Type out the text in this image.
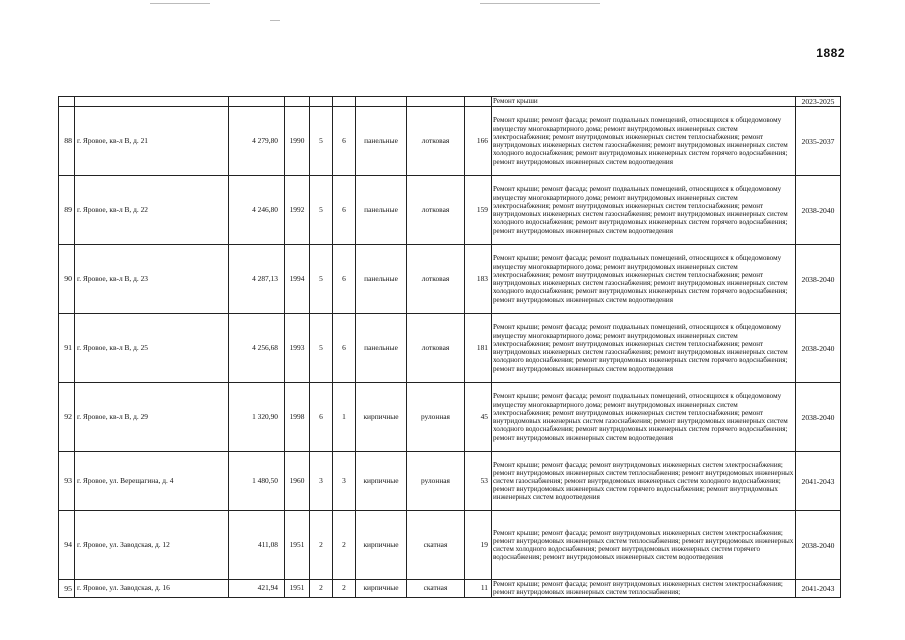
1882
									Ремонт крыши	2023-2025
88	г. Яровое, кв-л В, д. 21	4 279,80	1990	5	6	панельные	лотковая	166	Ремонт крыши; ремонт фасада; ремонт подвальных помещений, относящихся к общедомовому имуществу многоквартирного дома; ремонт внутридомовых инженерных систем электроснабжения; ремонт внутридомовых инженерных систем теплоснабжения; ремонт внутридомовых инженерных систем газоснабжения; ремонт внутридомовых инженерных систем холодного водоснабжения; ремонт внутридомовых инженерных систем горячего водоснабжения; ремонт внутридомовых инженерных систем водоотведения	2035-2037
89	г. Яровое, кв-л В, д. 22	4 246,80	1992	5	6	панельные	лотковая	159	Ремонт крыши; ремонт фасада; ремонт подвальных помещений, относящихся к общедомовому имуществу многоквартирного дома; ремонт внутридомовых инженерных систем электроснабжения; ремонт внутридомовых инженерных систем теплоснабжения; ремонт внутридомовых инженерных систем газоснабжения; ремонт внутридомовых инженерных систем холодного водоснабжения; ремонт внутридомовых инженерных систем горячего водоснабжения; ремонт внутридомовых инженерных систем водоотведения	2038-2040
90	г. Яровое, кв-л В, д. 23	4 287,13	1994	5	6	панельные	лотковая	183	Ремонт крыши; ремонт фасада; ремонт подвальных помещений, относящихся к общедомовому имуществу многоквартирного дома; ремонт внутридомовых инженерных систем электроснабжения; ремонт внутридомовых инженерных систем теплоснабжения; ремонт внутридомовых инженерных систем газоснабжения; ремонт внутридомовых инженерных систем холодного водоснабжения; ремонт внутридомовых инженерных систем горячего водоснабжения; ремонт внутридомовых инженерных систем водоотведения	2038-2040
91	г. Яровое, кв-л В, д. 25	4 256,68	1993	5	6	панельные	лотковая	181	Ремонт крыши; ремонт фасада; ремонт подвальных помещений, относящихся к общедомовому имуществу многоквартирного дома; ремонт внутридомовых инженерных систем электроснабжения; ремонт внутридомовых инженерных систем теплоснабжения; ремонт внутридомовых инженерных систем газоснабжения; ремонт внутридомовых инженерных систем холодного водоснабжения; ремонт внутридомовых инженерных систем горячего водоснабжения; ремонт внутридомовых инженерных систем водоотведения	2038-2040
92	г. Яровое, кв-л В, д. 29	1 320,90	1998	6	1	кирпичные	рулонная	45	Ремонт крыши; ремонт фасада; ремонт подвальных помещений, относящихся к общедомовому имуществу многоквартирного дома; ремонт внутридомовых инженерных систем электроснабжения; ремонт внутридомовых инженерных систем теплоснабжения; ремонт внутридомовых инженерных систем газоснабжения; ремонт внутридомовых инженерных систем холодного водоснабжения; ремонт внутридомовых инженерных систем горячего водоснабжения; ремонт внутридомовых инженерных систем водоотведения	2038-2040
93	г. Яровое, ул. Верещагина, д. 4	1 480,50	1960	3	3	кирпичные	рулонная	53	Ремонт крыши; ремонт фасада; ремонт внутридомовых инженерных систем электроснабжения; ремонт внутридомовых инженерных систем теплоснабжения; ремонт внутридомовых инженерных систем газоснабжения; ремонт внутридомовых инженерных систем холодного водоснабжения; ремонт внутридомовых инженерных систем горячего водоснабжения; ремонт внутридомовых инженерных систем водоотведения	2041-2043
94	г. Яровое, ул. Заводская, д. 12	411,08	1951	2	2	кирпичные	скатная	19	Ремонт крыши; ремонт фасада; ремонт внутридомовых инженерных систем электроснабжения; ремонт внутридомовых инженерных систем теплоснабжения; ремонт внутридомовых инженерных систем холодного водоснабжения; ремонт внутридомовых инженерных систем горячего водоснабжения; ремонт внутридомовых инженерных систем водоотведения	2038-2040
95	г. Яровое, ул. Заводская, д. 16	421,94	1951	2	2	кирпичные	скатная	11	Ремонт крыши; ремонт фасада; ремонт внутридомовых инженерных систем электроснабжения; ремонт внутридомовых инженерных систем теплоснабжения;	2041-2043
